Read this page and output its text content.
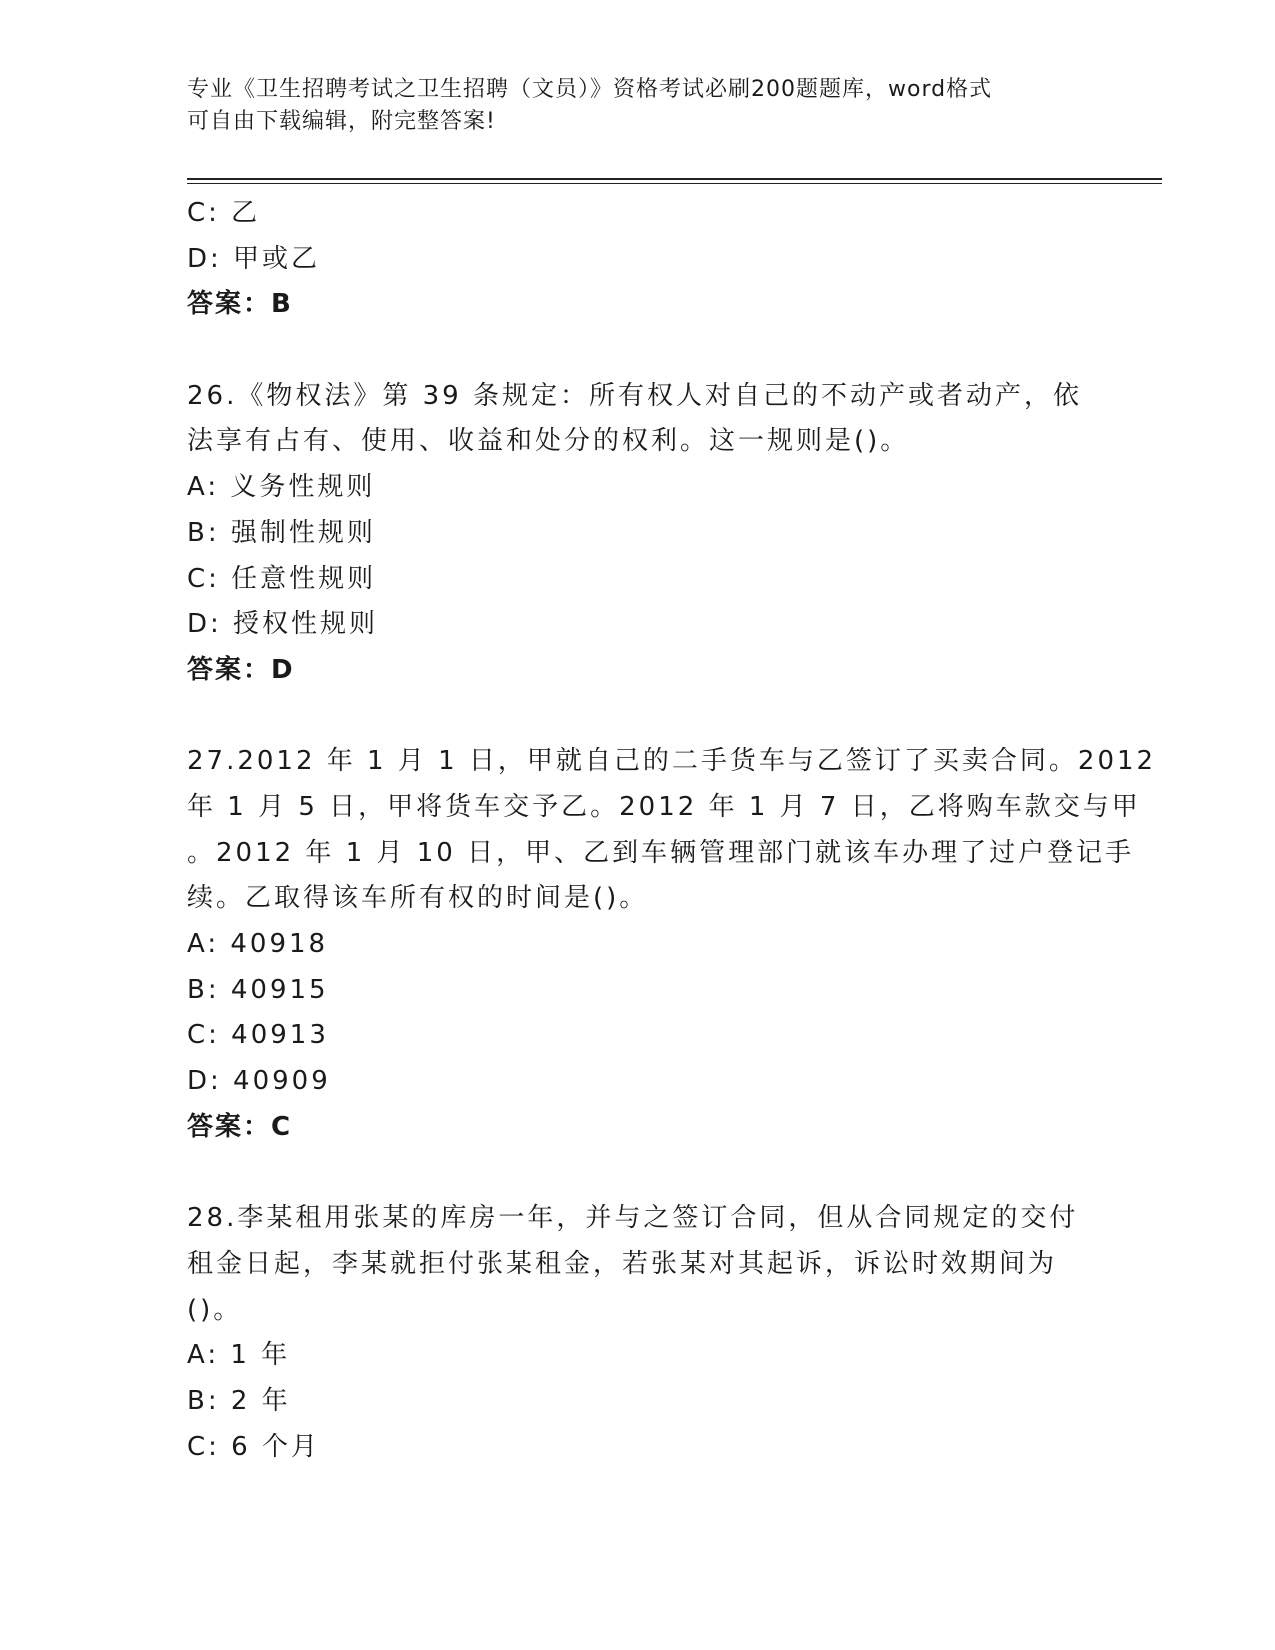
专业《卫生招聘考试之卫生招聘（文员）》资格考试必刷200题题库，word格式
可自由下载编辑，附完整答案!
C: 乙
D: 甲或乙
答案：B
26.《物权法》第 39 条规定：所有权人对自己的不动产或者动产，依
法享有占有、使用、收益和处分的权利。这一规则是()。
A: 义务性规则
B: 强制性规则
C: 任意性规则
D: 授权性规则
答案：D
27.2012 年 1 月 1 日，甲就自己的二手货车与乙签订了买卖合同。2012
年 1 月 5 日，甲将货车交予乙。2012 年 1 月 7 日，乙将购车款交与甲
。2012 年 1 月 10 日，甲、乙到车辆管理部门就该车办理了过户登记手
续。乙取得该车所有权的时间是()。
A: 40918
B: 40915
C: 40913
D: 40909
答案：C
28.李某租用张某的库房一年，并与之签订合同，但从合同规定的交付
租金日起，李某就拒付张某租金，若张某对其起诉，诉讼时效期间为
()。
A: 1 年
B: 2 年
C: 6 个月
